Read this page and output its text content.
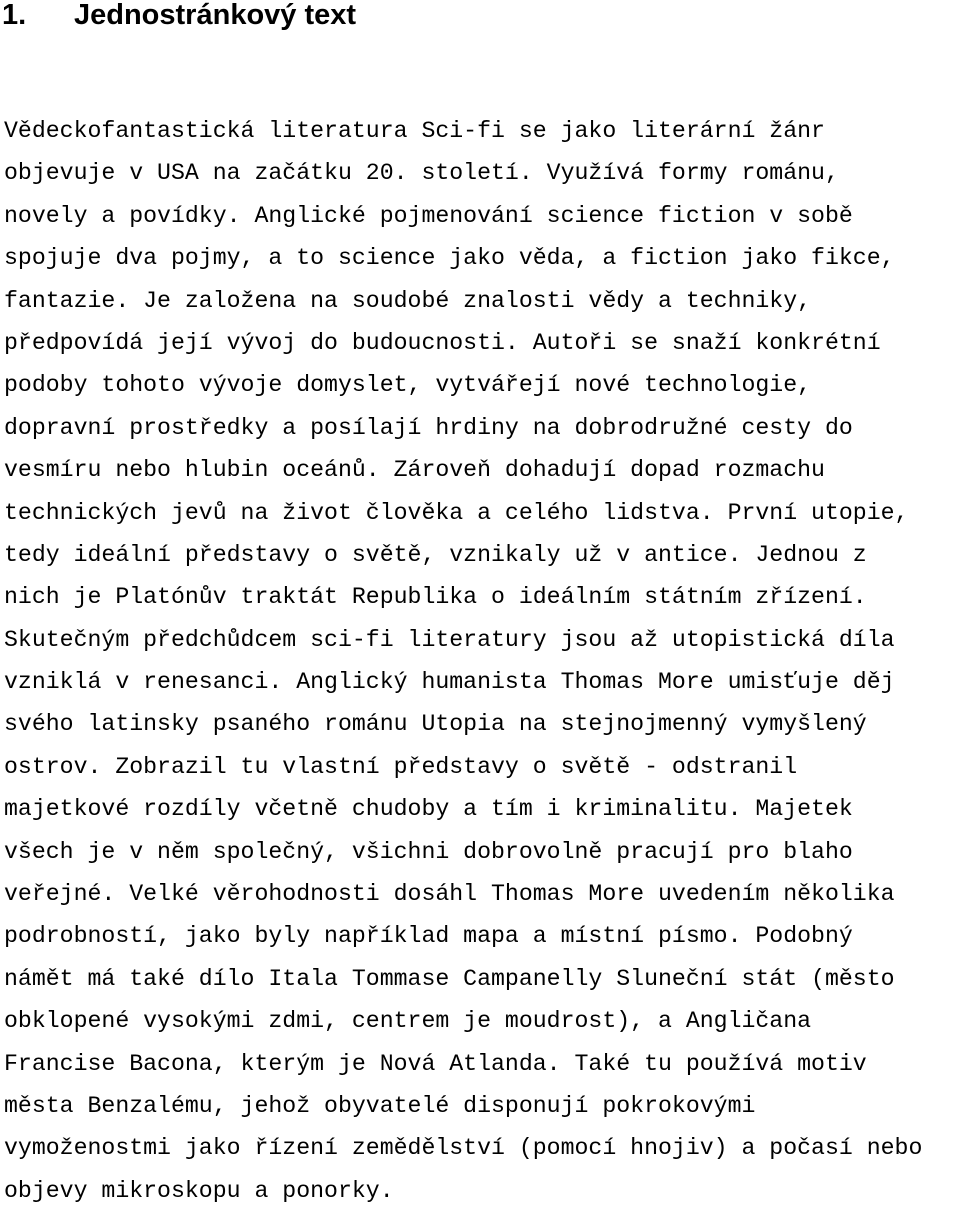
1. Jednostránkový text
Vědeckofantastická literatura Sci-fi se jako literární žánr
objevuje v USA na začátku 20. století. Využívá formy románu,
novely a povídky. Anglické pojmenování science fiction v sobě
spojuje dva pojmy, a to science jako věda, a fiction jako fikce,
fantazie. Je založena na soudobé znalosti vědy a techniky,
předpovídá její vývoj do budoucnosti. Autoři se snaží konkrétní
podoby tohoto vývoje domyslet, vytvářejí nové technologie,
dopravní prostředky a posílají hrdiny na dobrodružné cesty do
vesmíru nebo hlubin oceánů. Zároveň dohadují dopad rozmachu
technických jevů na život člověka a celého lidstva. První utopie,
tedy ideální představy o světě, vznikaly už v antice. Jednou z
nich je Platónův traktát Republika o ideálním státním zřízení.
Skutečným předchůdcem sci-fi literatury jsou až utopistická díla
vzniklá v renesanci. Anglický humanista Thomas More umisťuje děj
svého latinsky psaného románu Utopia na stejnojmenný vymyšlený
ostrov. Zobrazil tu vlastní představy o světě - odstranil
majetkové rozdíly včetně chudoby a tím i kriminalitu. Majetek
všech je v něm společný, všichni dobrovolně pracují pro blaho
veřejné. Velké věrohodnosti dosáhl Thomas More uvedením několika
podrobností, jako byly například mapa a místní písmo. Podobný
námět má také dílo Itala Tommase Campanelly Sluneční stát (město
obklopené vysokými zdmi, centrem je moudrost), a Angličana
Francise Bacona, kterým je Nová Atlanda. Také tu používá motiv
města Benzalému, jehož obyvatelé disponují pokrokovými
vymoženostmi jako řízení zemědělství (pomocí hnojiv) a počasí nebo
objevy mikroskopu a ponorky.
